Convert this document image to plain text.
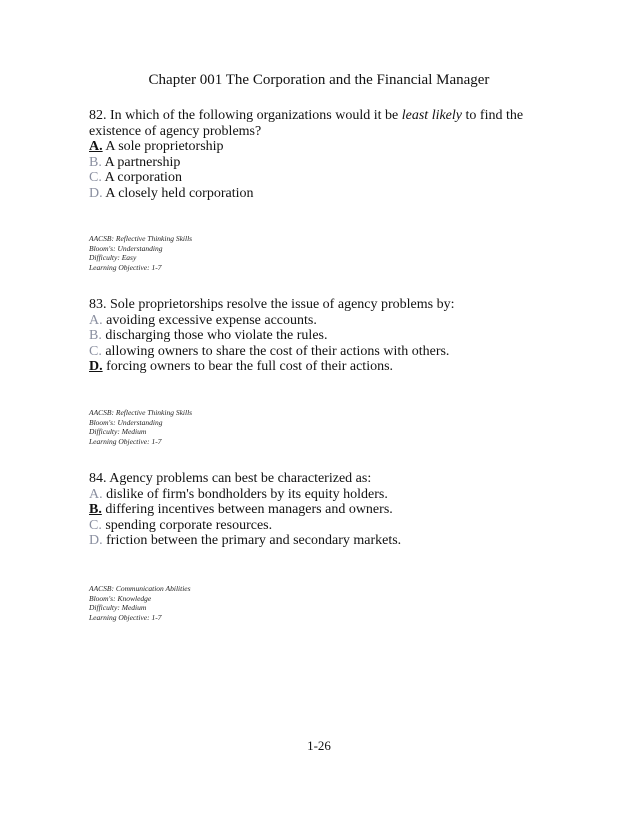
Chapter 001 The Corporation and the Financial Manager

82. In which of the following organizations would it be least likely to find the existence of agency problems?

A. A sole proprietorship
B. A partnership
C. A corporation
D. A closely held corporation
AACSB: Reflective Thinking Skills
Bloom's: Understanding
Difficulty: Easy
Learning Objective: 1-7

83. Sole proprietorships resolve the issue of agency problems by:

A. avoiding excessive expense accounts.
B. discharging those who violate the rules.
C. allowing owners to share the cost of their actions with others.
D. forcing owners to bear the full cost of their actions.
AACSB: Reflective Thinking Skills
Bloom's: Understanding
Difficulty: Medium
Learning Objective: 1-7

84. Agency problems can best be characterized as:

A. dislike of firm's bondholders by its equity holders.
B. differing incentives between managers and owners.
C. spending corporate resources.
D. friction between the primary and secondary markets.
AACSB: Communication Abilities
Bloom's: Knowledge
Difficulty: Medium
Learning Objective: 1-7
1-26
